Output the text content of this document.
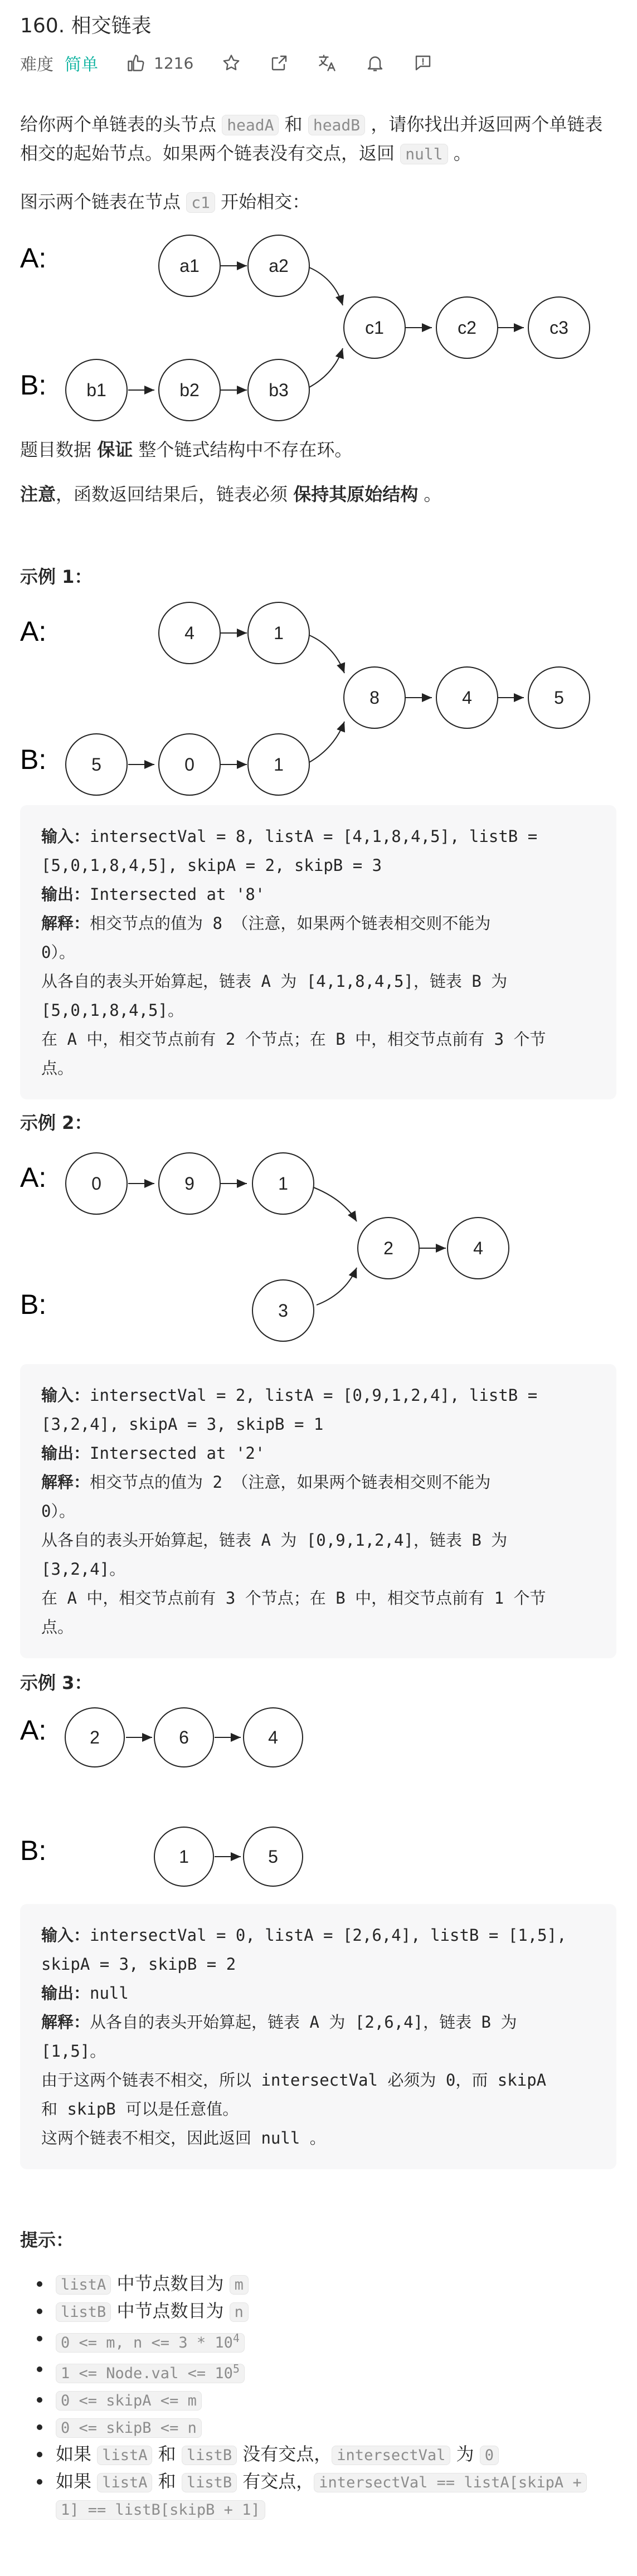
160. 相交链表
难度 简单	1216
给你两个单链表的头节点 headA 和 headB ，请你找出并返回两个单链表
相交的起始节点。如果两个链表没有交点，返回 null 。
图示两个链表在节点 c1 开始相交：
A:
B:
a1	a2
b1	b2	b3
c1	c2	c3
题目数据 保证 整个链式结构中不存在环。
注意，函数返回结果后，链表必须 保持其原始结构 。
示例 1：
A:
B:
4	1
5	0	1
8	4	5
输入：intersectVal = 8, listA = [4,1,8,4,5], listB =
[5,0,1,8,4,5], skipA = 2, skipB = 3
输出：Intersected at '8'
解释：相交节点的值为 8 （注意，如果两个链表相交则不能为
0）。
从各自的表头开始算起，链表 A 为 [4,1,8,4,5]，链表 B 为
[5,0,1,8,4,5]。
在 A 中，相交节点前有 2 个节点；在 B 中，相交节点前有 3 个节
点。
示例 2：
A:
B:
0	9	1
3
2	4
输入：intersectVal = 2, listA = [0,9,1,2,4], listB =
[3,2,4], skipA = 3, skipB = 1
输出：Intersected at '2'
解释：相交节点的值为 2 （注意，如果两个链表相交则不能为
0）。
从各自的表头开始算起，链表 A 为 [0,9,1,2,4]，链表 B 为
[3,2,4]。
在 A 中，相交节点前有 3 个节点；在 B 中，相交节点前有 1 个节
点。
示例 3：
A:
B:
2	6	4
1	5
输入：intersectVal = 0, listA = [2,6,4], listB = [1,5],
skipA = 3, skipB = 2
输出：null
解释：从各自的表头开始算起，链表 A 为 [2,6,4]，链表 B 为
[1,5]。
由于这两个链表不相交，所以 intersectVal 必须为 0，而 skipA
和 skipB 可以是任意值。
这两个链表不相交，因此返回 null 。
提示：
listA 中节点数目为 m
listB 中节点数目为 n
0 <= m, $n <= 3 * 10^4$
1 <= Node.val <= $10^5$
0 <= skipA <= m
0 <= skipB <= n
如果 listA 和 listB 没有交点， intersectVal 为 0
如果 listA 和 listB 有交点， intersectVal == listA[skipA +
1] == listB[skipB + 1]
